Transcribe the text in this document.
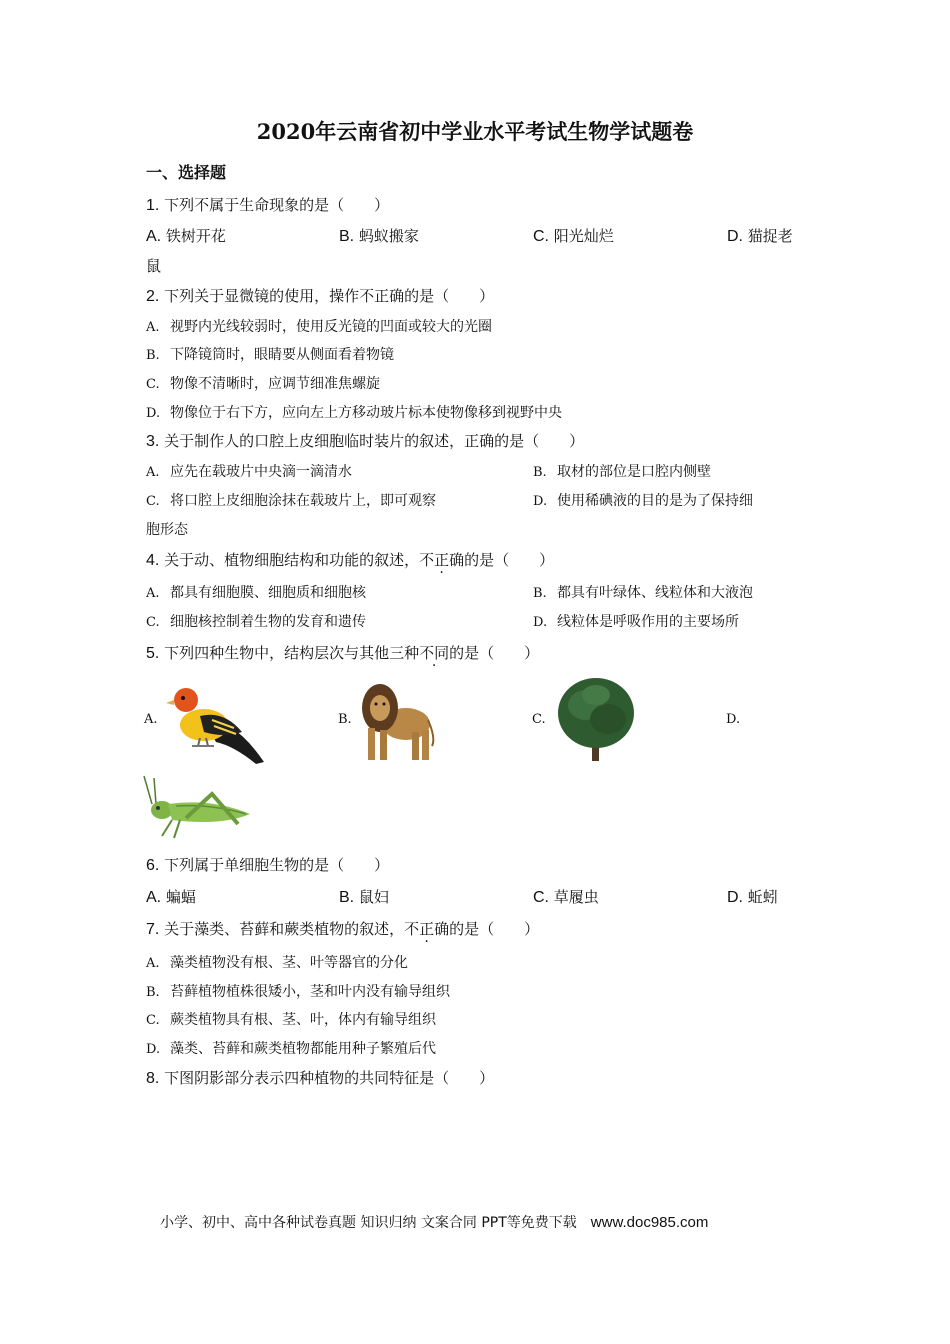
2020年云南省初中学业水平考试生物学试题卷
一、选择题
1. 下列不属于生命现象的是（　　）
A. 铁树开花	B. 蚂蚁搬家	C. 阳光灿烂	D. 猫捉老
鼠
2. 下列关于显微镜的使用，操作不正确的是（　　）
A. 视野内光线较弱时，使用反光镜的凹面或较大的光圈
B. 下降镜筒时，眼睛要从侧面看着物镜
C. 物像不清晰时，应调节细准焦螺旋
D. 物像位于右下方，应向左上方移动玻片标本使物像移到视野中央
3. 关于制作人的口腔上皮细胞临时装片的叙述，正确的是（　　）
A. 应先在载玻片中央滴一滴清水	B. 取材的部位是口腔内侧壁
C. 将口腔上皮细胞涂抹在载玻片上，即可观察	D. 使用稀碘液的目的是为了保持细
胞形态
4. 关于动、植物细胞结构和功能的叙述，不正确的是（　　）
A. 都具有细胞膜、细胞质和细胞核	B. 都具有叶绿体、线粒体和大液泡
C. 细胞核控制着生物的发育和遗传	D. 线粒体是呼吸作用的主要场所
5. 下列四种生物中，结构层次与其他三种不同的是（　　）
A.	B.	C.	D.
6. 下列属于单细胞生物的是（　　）
A. 蝙蝠	B. 鼠妇	C. 草履虫	D. 蚯蚓
7. 关于藻类、苔藓和蕨类植物的叙述，不正确的是（　　）
A. 藻类植物没有根、茎、叶等器官的分化
B. 苔藓植物植株很矮小，茎和叶内没有输导组织
C. 蕨类植物具有根、茎、叶，体内有输导组织
D. 藻类、苔藓和蕨类植物都能用种子繁殖后代
8. 下图阴影部分表示四种植物的共同特征是（　　）
小学、初中、高中各种试卷真题 知识归纳 文案合同 PPT等免费下载 www.doc985.com
